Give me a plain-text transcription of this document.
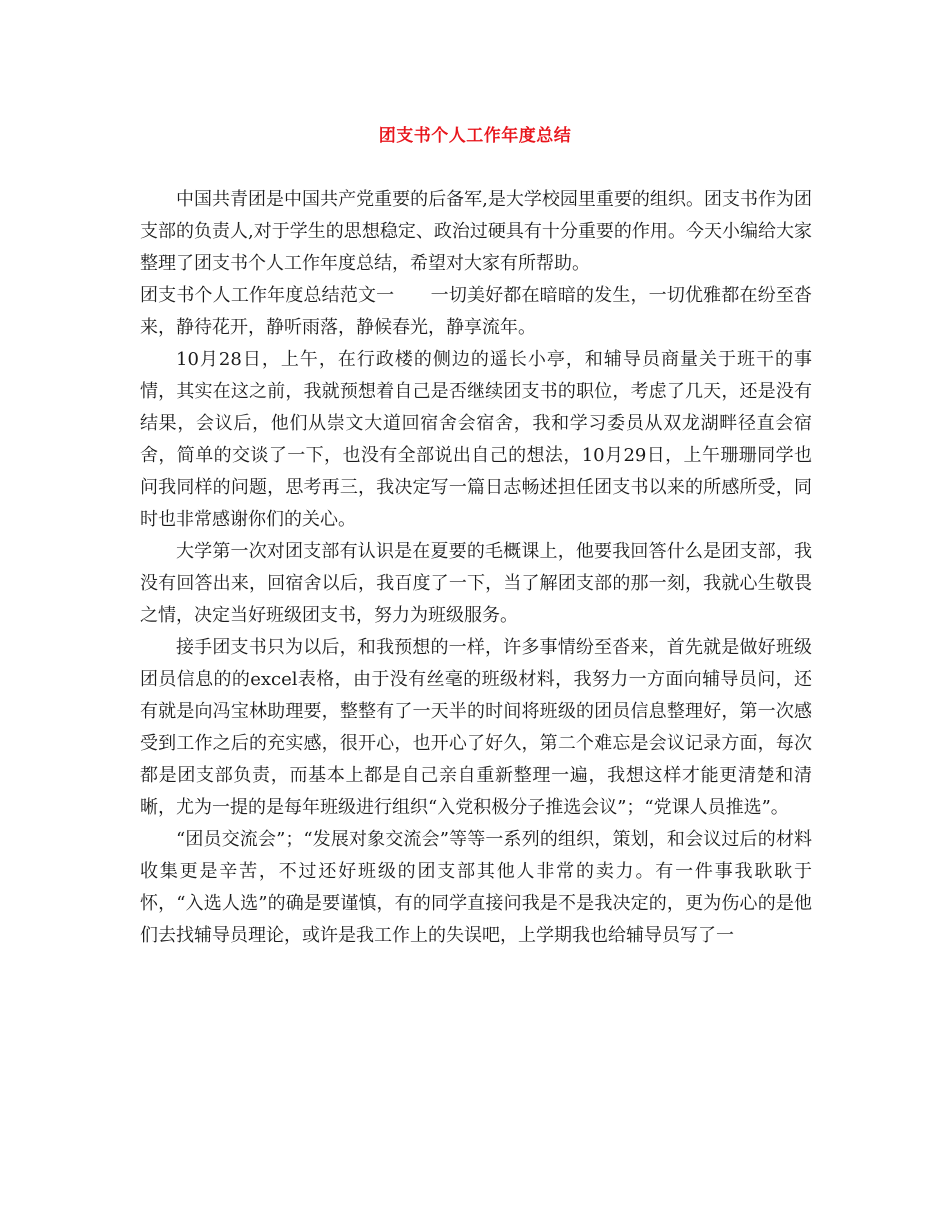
团支书个人工作年度总结

中国共青团是中国共产党重要的后备军,是大学校园里重要的组织。团支书作为团支部的负责人,对于学生的思想稳定、政治过硬具有十分重要的作用。今天小编给大家整理了团支书个人工作年度总结，希望对大家有所帮助。

团支书个人工作年度总结范文一　　一切美好都在暗暗的发生，一切优雅都在纷至沓来，静待花开，静听雨落，静候春光，静享流年。

10月28日，上午，在行政楼的侧边的遥长小亭，和辅导员商量关于班干的事情，其实在这之前，我就预想着自己是否继续团支书的职位，考虑了几天，还是没有结果，会议后，他们从崇文大道回宿舍会宿舍，我和学习委员从双龙湖畔径直会宿舍，简单的交谈了一下，也没有全部说出自己的想法，10月29日，上午珊珊同学也问我同样的问题，思考再三，我决定写一篇日志畅述担任团支书以来的所感所受，同时也非常感谢你们的关心。

大学第一次对团支部有认识是在夏要的毛概课上，他要我回答什么是团支部，我没有回答出来，回宿舍以后，我百度了一下，当了解团支部的那一刻，我就心生敬畏之情，决定当好班级团支书，努力为班级服务。

接手团支书只为以后，和我预想的一样，许多事情纷至沓来，首先就是做好班级团员信息的的excel表格，由于没有丝毫的班级材料，我努力一方面向辅导员问，还有就是向冯宝林助理要，整整有了一天半的时间将班级的团员信息整理好，第一次感受到工作之后的充实感，很开心，也开心了好久，第二个难忘是会议记录方面，每次都是团支部负责，而基本上都是自己亲自重新整理一遍，我想这样才能更清楚和清晰，尤为一提的是每年班级进行组织“入党积极分子推选会议”；“党课人员推选”。

“团员交流会”；“发展对象交流会”等等一系列的组织，策划，和会议过后的材料收集更是辛苦，不过还好班级的团支部其他人非常的卖力。有一件事我耿耿于怀，“入选人选”的确是要谨慎，有的同学直接问我是不是我决定的，更为伤心的是他们去找辅导员理论，或许是我工作上的失误吧，上学期我也给辅导员写了一
